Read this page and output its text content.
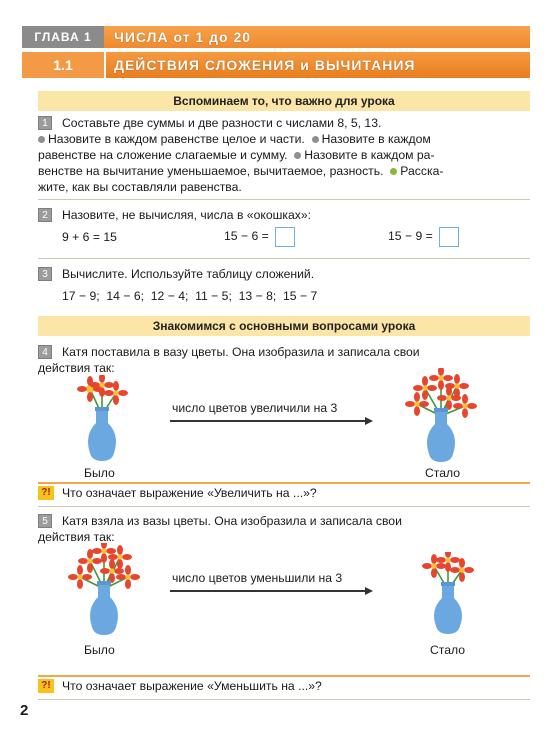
ГЛАВА 1	ЧИСЛА от 1 до 20
1.1	ДЕЙСТВИЯ СЛОЖЕНИЯ и ВЫЧИТАНИЯ
Вспоминаем то, что важно для урока
1	Составьте две суммы и две разности с числами 8, 5, 13.
Назовите в каждом равенстве целое и части. Назовите в каждом
равенстве на сложение слагаемые и сумму. Назовите в каждом ра-
венстве на вычитание уменьшаемое, вычитаемое, разность. Расска-
жите, как вы составляли равенства.
2	Назовите, не вычисляя, числа в «окошках»:
9 + 6 = 15	15 − 6 =	15 − 9 =
3	Вычислите. Используйте таблицу сложений.
17 − 9;  14 − 6;  12 − 4;  11 − 5;  13 − 8;  15 − 7
Знакомимся с основными вопросами урока
4	Катя поставила в вазу цветы. Она изобразила и записала свои
действия так:
Было
число цветов увеличили на 3
Стало
?! Что означает выражение «Увеличить на ...»?
5	Катя взяла из вазы цветы. Она изобразила и записала свои
действия так:
Было
число цветов уменьшили на 3
Стало
?! Что означает выражение «Уменьшить на ...»?
2
